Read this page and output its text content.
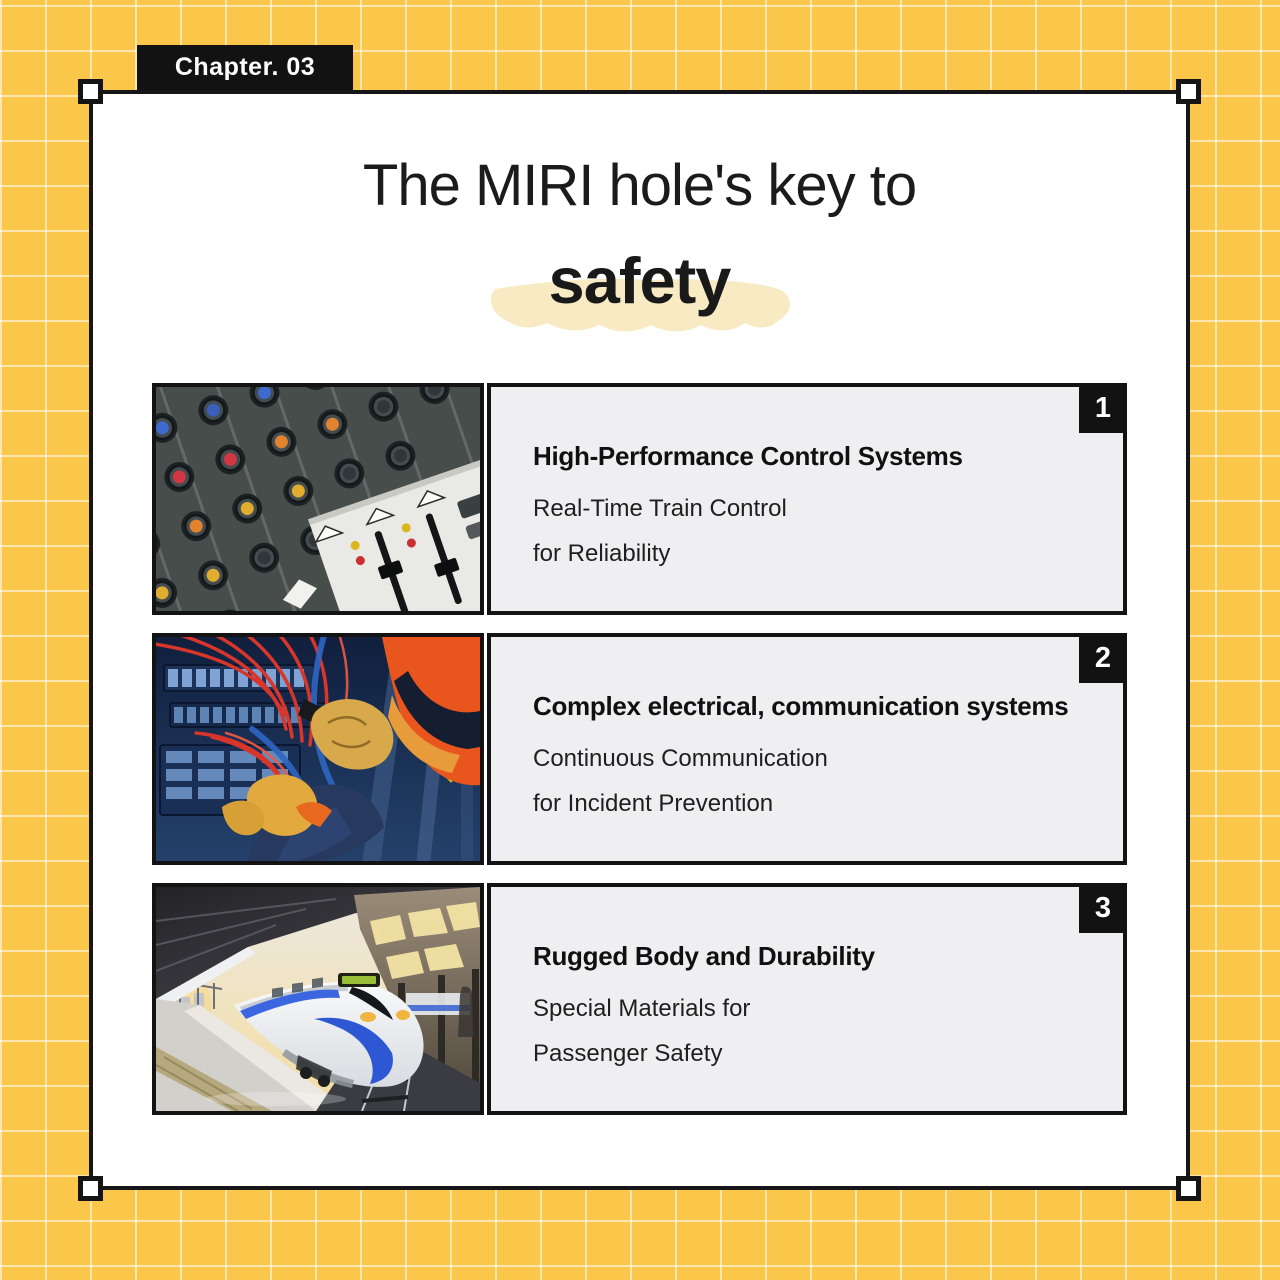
Chapter. 03
The MIRI hole's key to
safety
1

High-Performance Control Systems

Real-Time Train Control
for Reliability
2

Complex electrical, communication systems

Continuous Communication
for Incident Prevention
3

Rugged Body and Durability

Special Materials for
Passenger Safety
